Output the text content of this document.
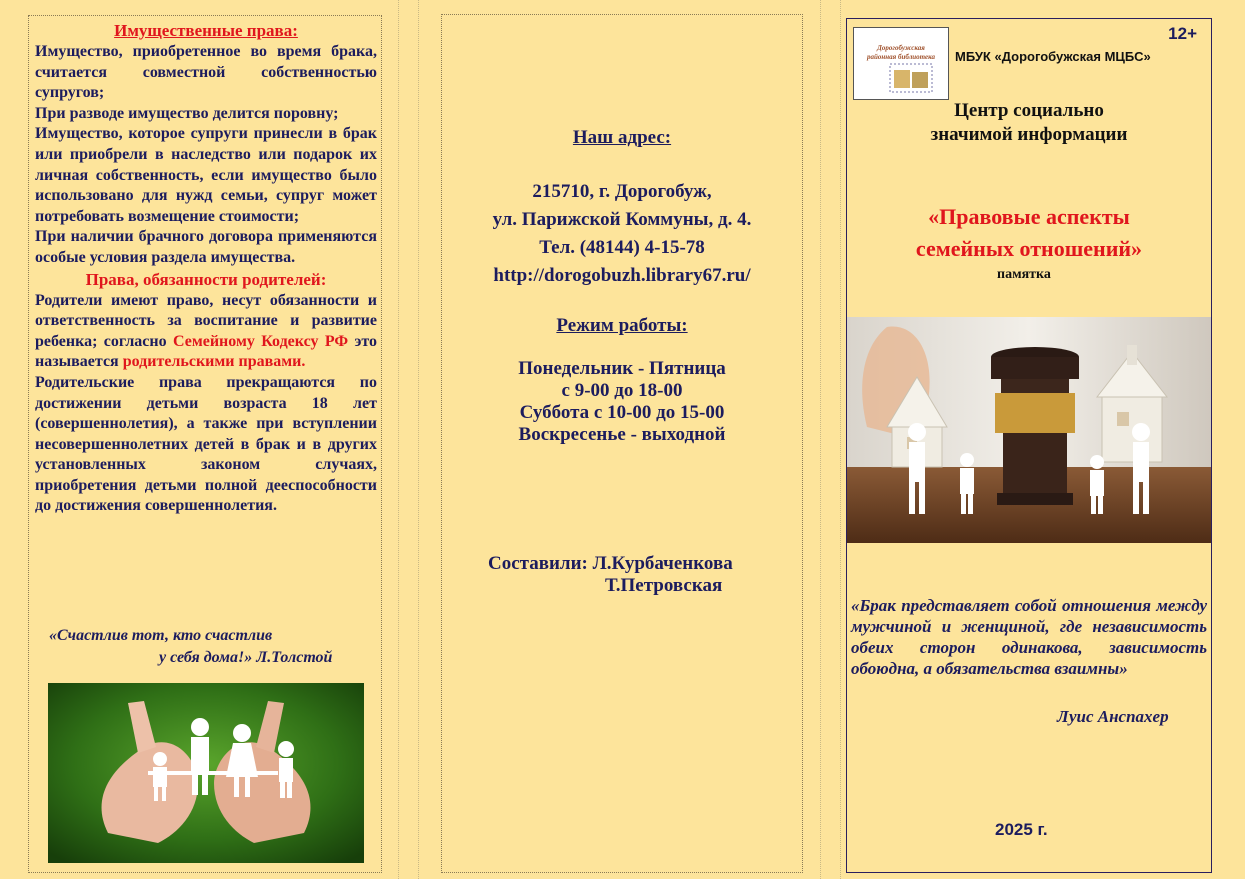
Имущественные права:
Имущество, приобретенное во время брака, считается совместной собственностью супругов;
При разводе имущество делится поровну;
Имущество, которое супруги принесли в брак или приобрели в наследство или подарок их личная собственность, если имущество было использовано для нужд семьи, супруг может потребовать возмещение стоимости;
При наличии брачного договора применяются особые условия раздела имущества.
Права, обязанности родителей:
Родители имеют право, несут обязанности и ответственность за воспитание и развитие ребенка; согласно Семейному Кодексу РФ это называется родительскими правами.
Родительские права прекращаются по достижении детьми возраста 18 лет (совершеннолетия), а также при вступлении несовершеннолетних детей в брак и в других установленных законом случаях, приобретения детьми полной дееспособности до достижения совершеннолетия.
«Счастлив тот, кто счастлив
у себя дома!» Л.Толстой
Наш адрес:
215710, г. Дорогобуж,
ул. Парижской Коммуны, д. 4.
Тел. (48144) 4-15-78
http://dorogobuzh.library67.ru/
Режим работы:
Понедельник - Пятница
с 9-00 до 18-00
Суббота с 10-00 до 15-00
Воскресенье - выходной
Составили: Л.Курбаченкова
Т.Петровская
Дорогобужская
районная библиотека
12+
МБУК «Дорогобужская МЦБС»
Центр социально
значимой информации
«Правовые аспекты
семейных отношений»
памятка
«Брак представляет собой отношения между мужчиной и женщиной, где независимость обеих сторон одинакова, зависимость обоюдна, а обязательства взаимны»
Луис Анспахер
2025 г.
